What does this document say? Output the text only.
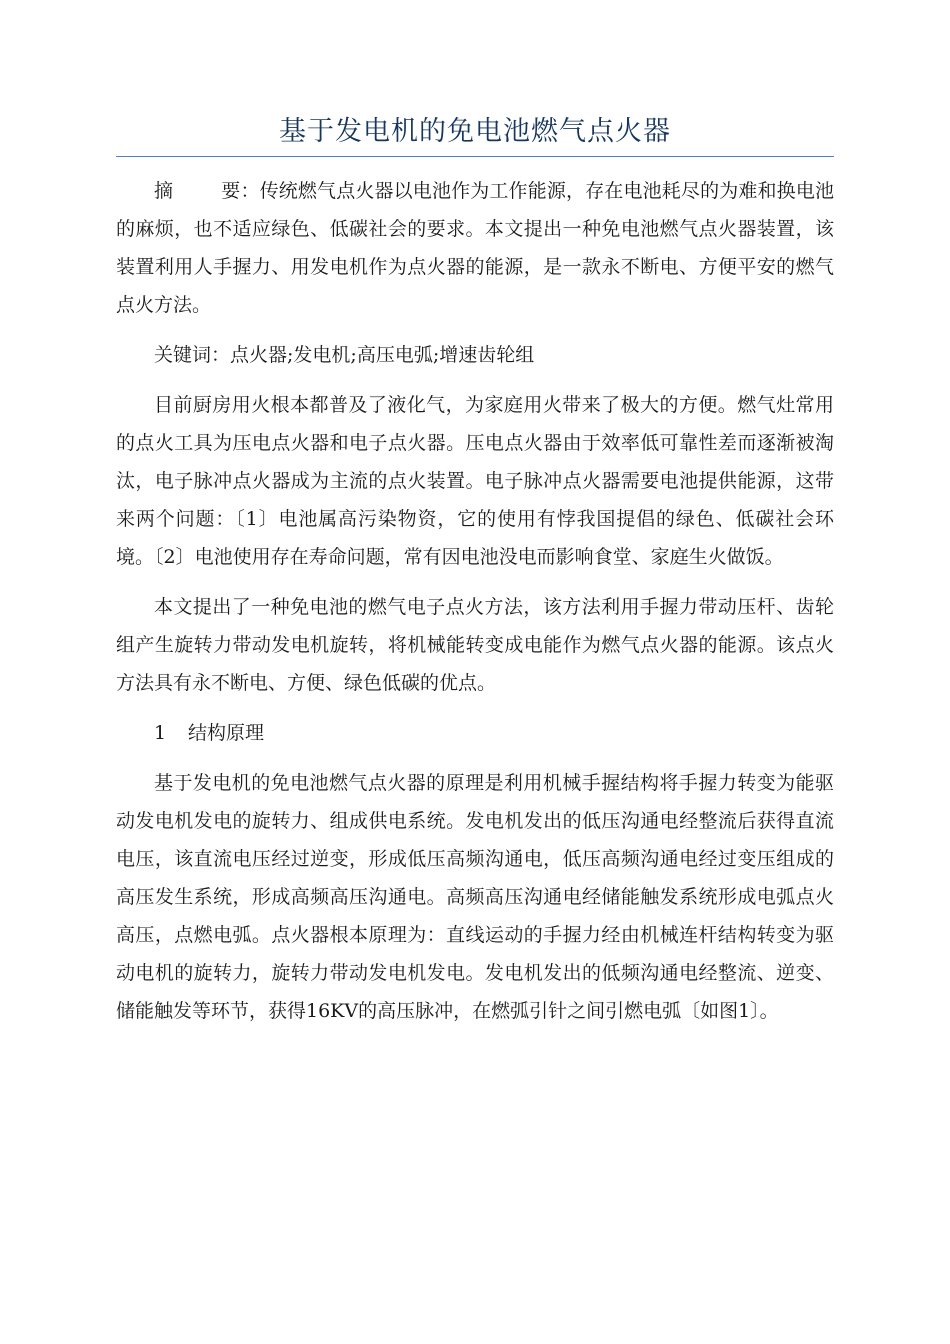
基于发电机的免电池燃气点火器

摘	要：传统燃气点火器以电池作为工作能源，存在电池耗尽的为难和换电池的麻烦，也不适应绿色、低碳社会的要求。本文提出一种免电池燃气点火器装置，该装置利用人手握力、用发电机作为点火器的能源，是一款永不断电、方便平安的燃气点火方法。

关键词：点火器;发电机;高压电弧;增速齿轮组

目前厨房用火根本都普及了液化气，为家庭用火带来了极大的方便。燃气灶常用的点火工具为压电点火器和电子点火器。压电点火器由于效率低可靠性差而逐渐被淘汰，电子脉冲点火器成为主流的点火装置。电子脉冲点火器需要电池提供能源，这带来两个问题：〔1〕电池属高污染物资，它的使用有悖我国提倡的绿色、低碳社会环境。〔2〕电池使用存在寿命问题，常有因电池没电而影响食堂、家庭生火做饭。

本文提出了一种免电池的燃气电子点火方法，该方法利用手握力带动压杆、齿轮组产生旋转力带动发电机旋转，将机械能转变成电能作为燃气点火器的能源。该点火方法具有永不断电、方便、绿色低碳的优点。

1 结构原理

基于发电机的免电池燃气点火器的原理是利用机械手握结构将手握力转变为能驱动发电机发电的旋转力、组成供电系统。发电机发出的低压沟通电经整流后获得直流电压，该直流电压经过逆变，形成低压高频沟通电，低压高频沟通电经过变压组成的高压发生系统，形成高频高压沟通电。高频高压沟通电经储能触发系统形成电弧点火高压，点燃电弧。点火器根本原理为：直线运动的手握力经由机械连杆结构转变为驱动电机的旋转力，旋转力带动发电机发电。发电机发出的低频沟通电经整流、逆变、储能触发等环节，获得16KV的高压脉冲，在燃弧引针之间引燃电弧〔如图1〕。
